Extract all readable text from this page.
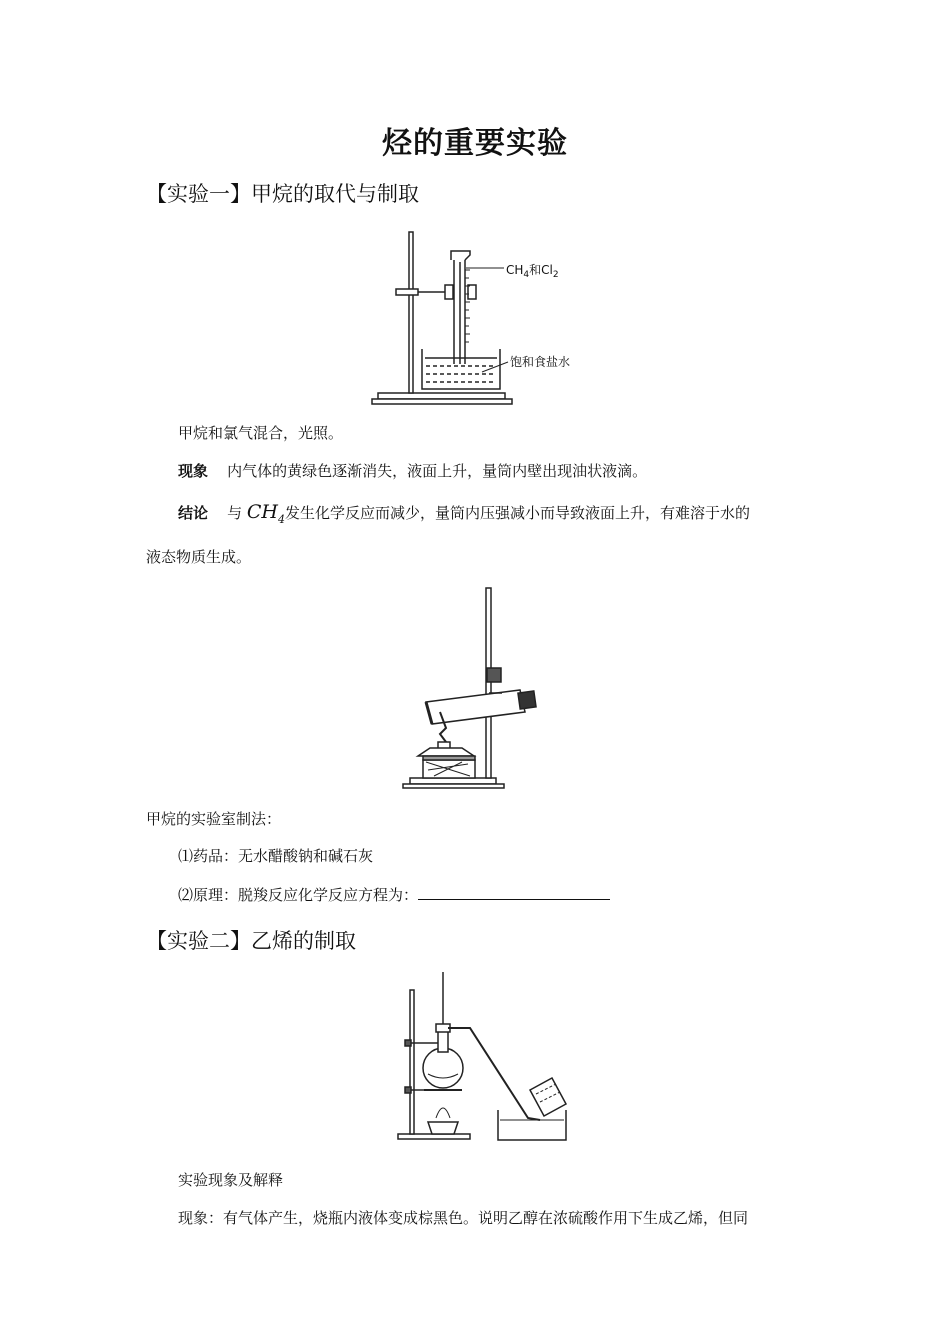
烃的重要实验
【实验一】甲烷的取代与制取
$CH_4$和$Cl_2$
饱和食盐水
甲烷和氯气混合，光照。
现象 内气体的黄绿色逐渐消失，液面上升，量筒内壁出现油状液滴。
结论 与 $CH_4$发生化学反应而减少，量筒内压强减小而导致液面上升，有难溶于水的
液态物质生成。
甲烷的实验室制法：
⑴药品：无水醋酸钠和碱石灰
⑵原理：脱羧反应化学反应方程为：
【实验二】乙烯的制取
实验现象及解释
现象：有气体产生，烧瓶内液体变成棕黑色。说明乙醇在浓硫酸作用下生成乙烯，但同
